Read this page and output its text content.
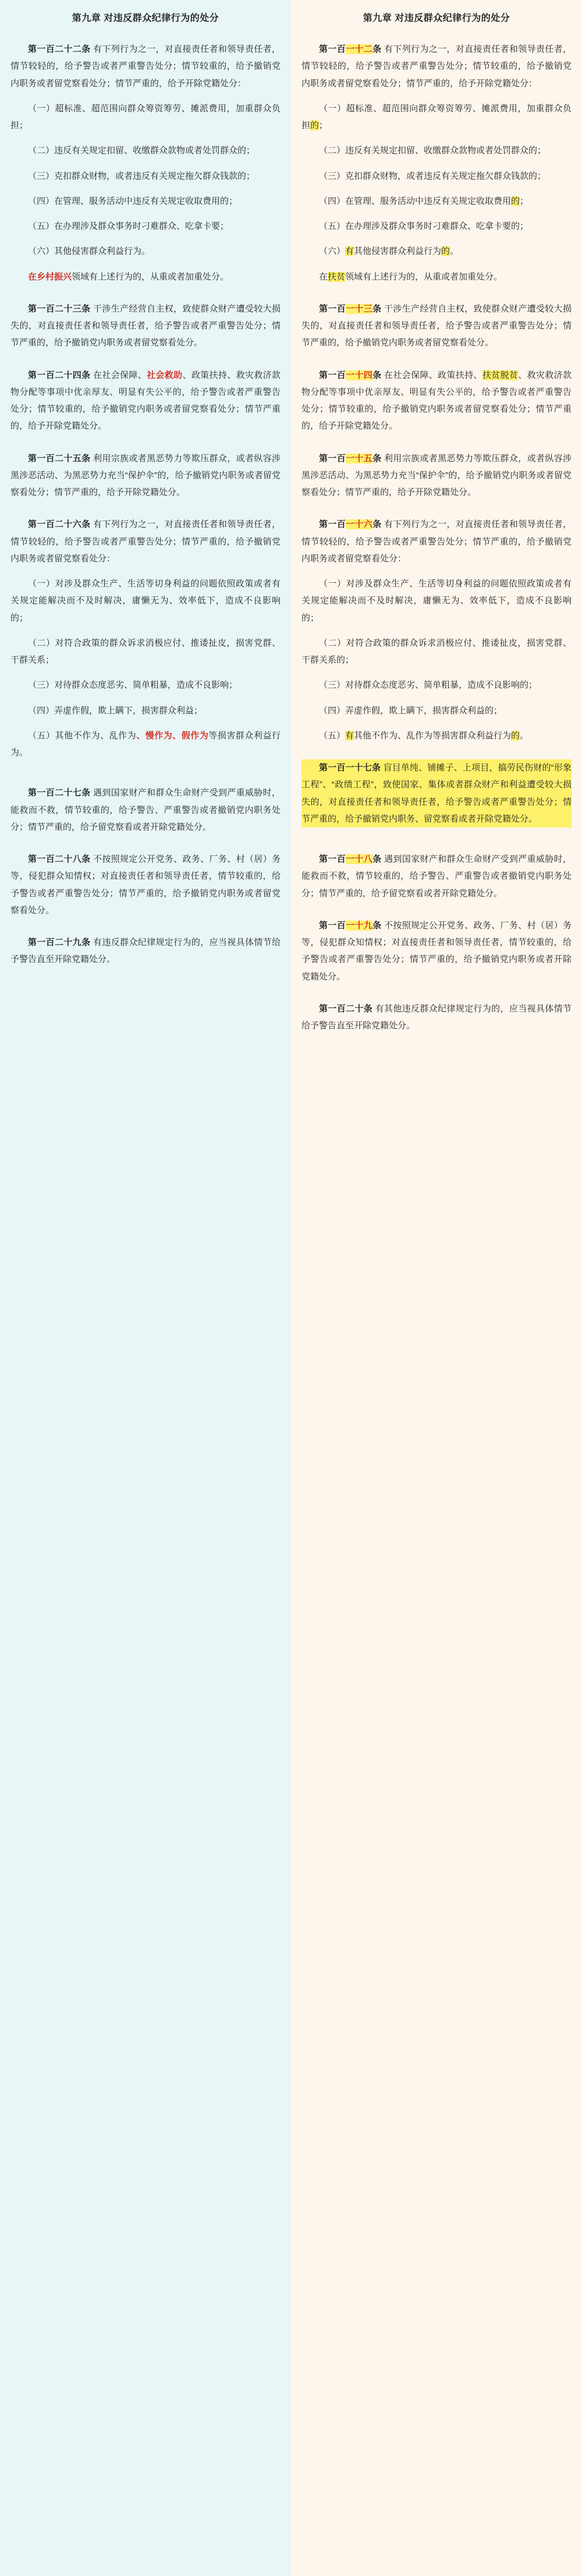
第九章 对违反群众纪律行为的处分

第一百二十二条 有下列行为之一，对直接责任者和领导责任者，情节较轻的，给予警告或者严重警告处分；情节较重的，给予撤销党内职务或者留党察看处分；情节严重的，给予开除党籍处分：

（一）超标准、超范围向群众筹资筹劳、摊派费用，加重群众负担；

（二）违反有关规定扣留、收缴群众款物或者处罚群众的；

（三）克扣群众财物，或者违反有关规定拖欠群众钱款的；

（四）在管理、服务活动中违反有关规定收取费用的；

（五）在办理涉及群众事务时刁难群众、吃拿卡要；

（六）其他侵害群众利益行为。

在乡村振兴领域有上述行为的，从重或者加重处分。

第一百二十三条 干涉生产经营自主权，致使群众财产遭受较大损失的，对直接责任者和领导责任者，给予警告或者严重警告处分；情节严重的，给予撤销党内职务或者留党察看处分。

第一百二十四条 在社会保障、社会救助、政策扶持、救灾救济款物分配等事项中优亲厚友、明显有失公平的，给予警告或者严重警告处分；情节较重的，给予撤销党内职务或者留党察看处分；情节严重的，给予开除党籍处分。

第一百二十五条 利用宗族或者黑恶势力等欺压群众，或者纵容涉黑涉恶活动、为黑恶势力充当“保护伞”的，给予撤销党内职务或者留党察看处分；情节严重的，给予开除党籍处分。

第一百二十六条 有下列行为之一，对直接责任者和领导责任者，情节较轻的，给予警告或者严重警告处分；情节严重的，给予撤销党内职务或者留党察看处分：

（一）对涉及群众生产、生活等切身利益的问题依照政策或者有关规定能解决而不及时解决，庸懒无为、效率低下，造成不良影响的；

（二）对符合政策的群众诉求消极应付、推诿扯皮，损害党群、干群关系；

（三）对待群众态度恶劣、简单粗暴，造成不良影响；

（四）弄虚作假，欺上瞒下，损害群众利益；

（五）其他不作为、乱作为、慢作为、假作为等损害群众利益行为。

第一百二十七条 遇到国家财产和群众生命财产受到严重威胁时，能救而不救，情节较重的，给予警告、严重警告或者撤销党内职务处分；情节严重的，给予留党察看或者开除党籍处分。

第一百二十八条 不按照规定公开党务、政务、厂务、村（居）务等，侵犯群众知情权；对直接责任者和领导责任者，情节较重的，给予警告或者严重警告处分；情节严重的，给予撤销党内职务或者留党察看处分。

第一百二十九条 有违反群众纪律规定行为的，应当视具体情节给予警告直至开除党籍处分。

第九章 对违反群众纪律行为的处分

第一百一十二条 有下列行为之一，对直接责任者和领导责任者，情节较轻的，给予警告或者严重警告处分；情节较重的，给予撤销党内职务或者留党察看处分；情节严重的，给予开除党籍处分：

（一）超标准、超范围向群众筹资筹劳、摊派费用，加重群众负担的；

（二）违反有关规定扣留、收缴群众款物或者处罚群众的；

（三）克扣群众财物，或者违反有关规定拖欠群众钱款的；

（四）在管理、服务活动中违反有关规定收取费用的；

（五）在办理涉及群众事务时刁难群众、吃拿卡要的；

（六）有其他侵害群众利益行为的。

在扶贫领域有上述行为的，从重或者加重处分。

第一百一十三条 干涉生产经营自主权，致使群众财产遭受较大损失的，对直接责任者和领导责任者，给予警告或者严重警告处分；情节严重的，给予撤销党内职务或者留党察看处分。

第一百一十四条 在社会保障、政策扶持、扶贫脱贫、救灾救济款物分配等事项中优亲厚友、明显有失公平的，给予警告或者严重警告处分；情节较重的，给予撤销党内职务或者留党察看处分；情节严重的，给予开除党籍处分。

第一百一十五条 利用宗族或者黑恶势力等欺压群众，或者纵容涉黑涉恶活动、为黑恶势力充当“保护伞”的，给予撤销党内职务或者留党察看处分；情节严重的，给予开除党籍处分。

第一百一十六条 有下列行为之一，对直接责任者和领导责任者，情节较轻的，给予警告或者严重警告处分；情节严重的，给予撤销党内职务或者留党察看处分：

（一）对涉及群众生产、生活等切身利益的问题依照政策或者有关规定能解决而不及时解决，庸懒无为、效率低下，造成不良影响的；

（二）对符合政策的群众诉求消极应付、推诿扯皮，损害党群、干群关系的；

（三）对待群众态度恶劣、简单粗暴，造成不良影响的；

（四）弄虚作假，欺上瞒下，损害群众利益的；

（五）有其他不作为、乱作为等损害群众利益行为的。

第一百一十七条 盲目单纯、铺摊子、上项目，搞劳民伤财的“形象工程”、“政绩工程”，致使国家、集体或者群众财产和利益遭受较大损失的，对直接责任者和领导责任者，给予警告或者严重警告处分；情节严重的，给予撤销党内职务、留党察看或者开除党籍处分。

第一百一十八条 遇到国家财产和群众生命财产受到严重威胁时，能救而不救，情节较重的，给予警告、严重警告或者撤销党内职务处分；情节严重的，给予留党察看或者开除党籍处分。

第一百一十九条 不按照规定公开党务、政务、厂务、村（居）务等，侵犯群众知情权；对直接责任者和领导责任者，情节较重的，给予警告或者严重警告处分；情节严重的，给予撤销党内职务或者开除党籍处分。

第一百二十条 有其他违反群众纪律规定行为的，应当视具体情节给予警告直至开除党籍处分。
